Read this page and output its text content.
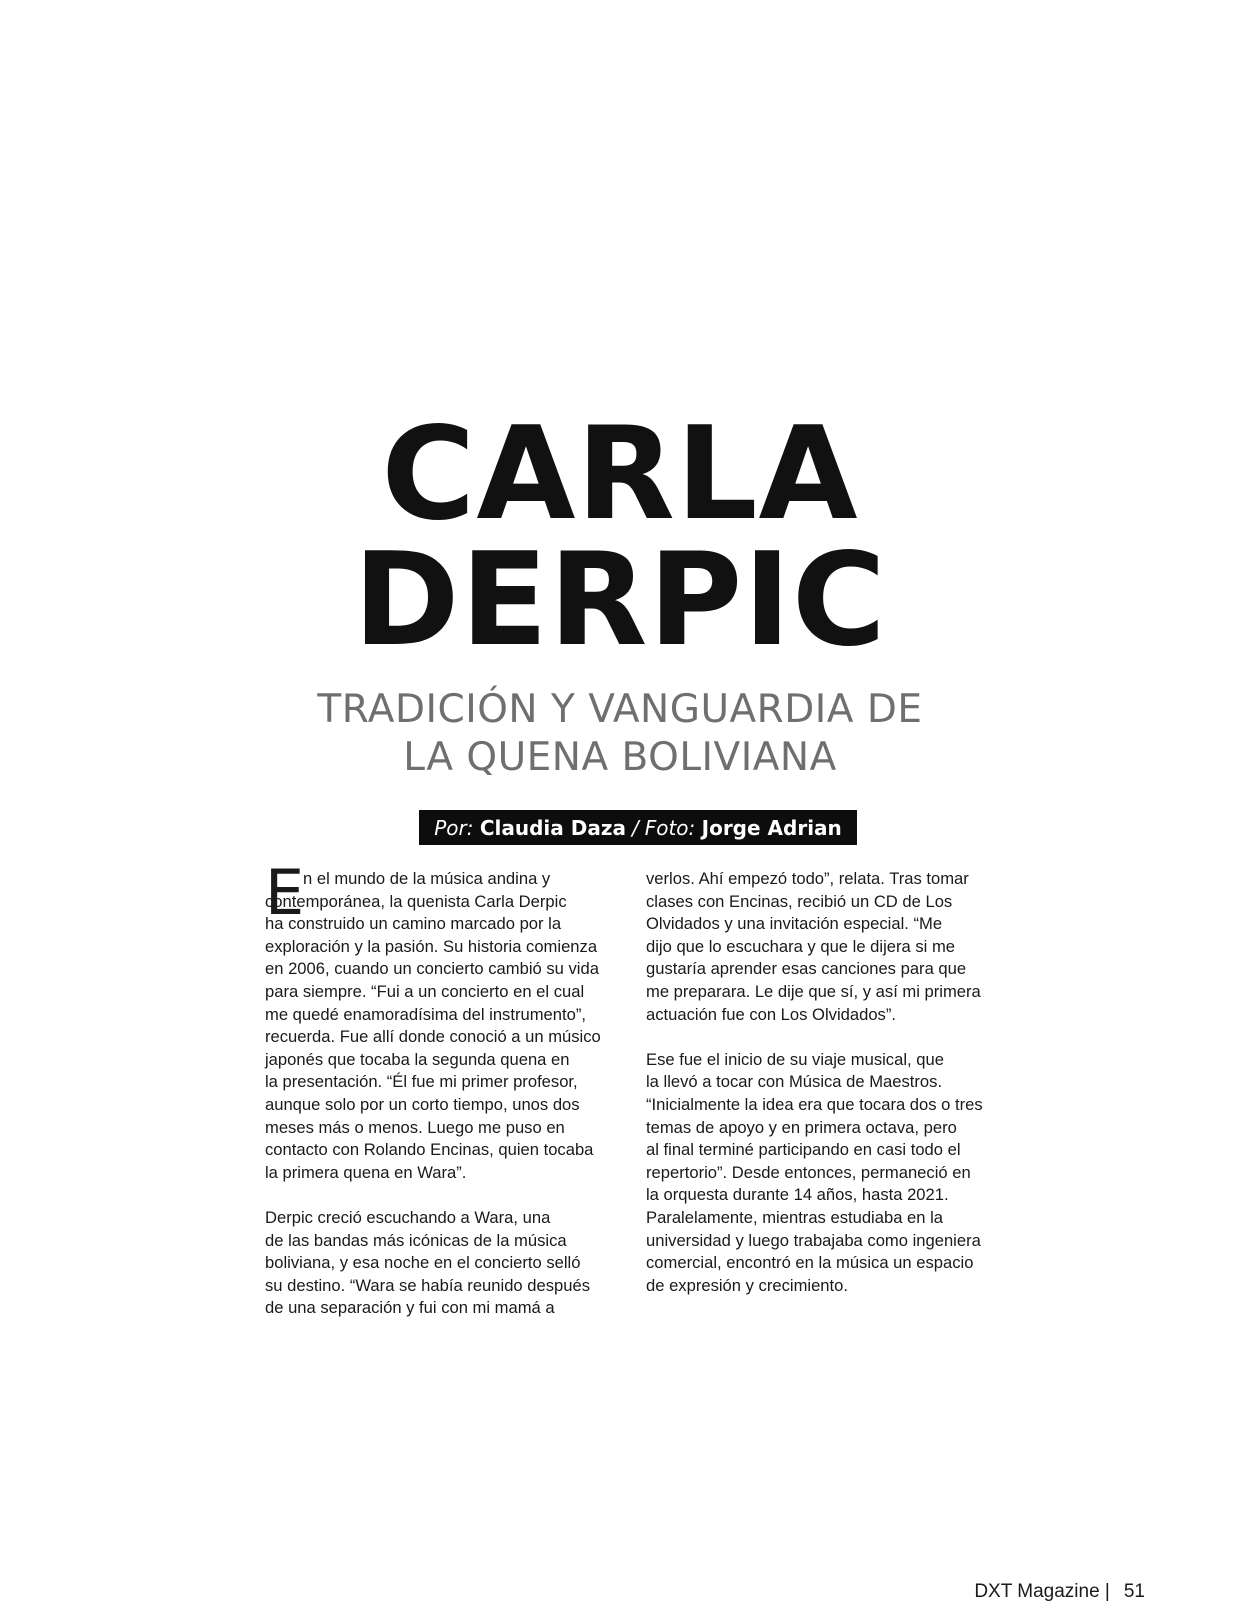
CARLA
DERPIC
TRADICIÓN Y VANGUARDIA DE
LA QUENA BOLIVIANA
Por:
Claudia Daza / Foto:
Jorge Adrian
E
n el mundo de la música andina y
contemporánea, la quenista Carla Derpic
ha construido un camino marcado por la
exploración y la pasión. Su historia comienza
en 2006, cuando un concierto cambió su vida
para siempre. “Fui a un concierto en el cual
me quedé enamoradísima del instrumento”,
recuerda. Fue allí donde conoció a un músico
japonés que tocaba la segunda quena en
la presentación. “Él fue mi primer profesor,
aunque solo por un corto tiempo, unos dos
meses más o menos. Luego me puso en
contacto con Rolando Encinas, quien tocaba
la primera quena en Wara”.
Derpic creció escuchando a Wara, una
de las bandas más icónicas de la música
boliviana, y esa noche en el concierto selló
su destino. “Wara se había reunido después
de una separación y fui con mi mamá a
verlos. Ahí empezó todo”, relata. Tras tomar
clases con Encinas, recibió un CD de Los
Olvidados y una invitación especial. “Me
dijo que lo escuchara y que le dijera si me
gustaría aprender esas canciones para que
me preparara. Le dije que sí, y así mi primera
actuación fue con Los Olvidados”.
Ese fue el inicio de su viaje musical, que
la llevó a tocar con Música de Maestros.
“Inicialmente la idea era que tocara dos o tres
temas de apoyo y en primera octava, pero
al final terminé participando en casi todo el
repertorio”. Desde entonces, permaneció en
la orquesta durante 14 años, hasta 2021.
Paralelamente, mientras estudiaba en la
universidad y luego trabajaba como ingeniera
comercial, encontró en la música un espacio
de expresión y crecimiento.
DXT Magazine | 51
